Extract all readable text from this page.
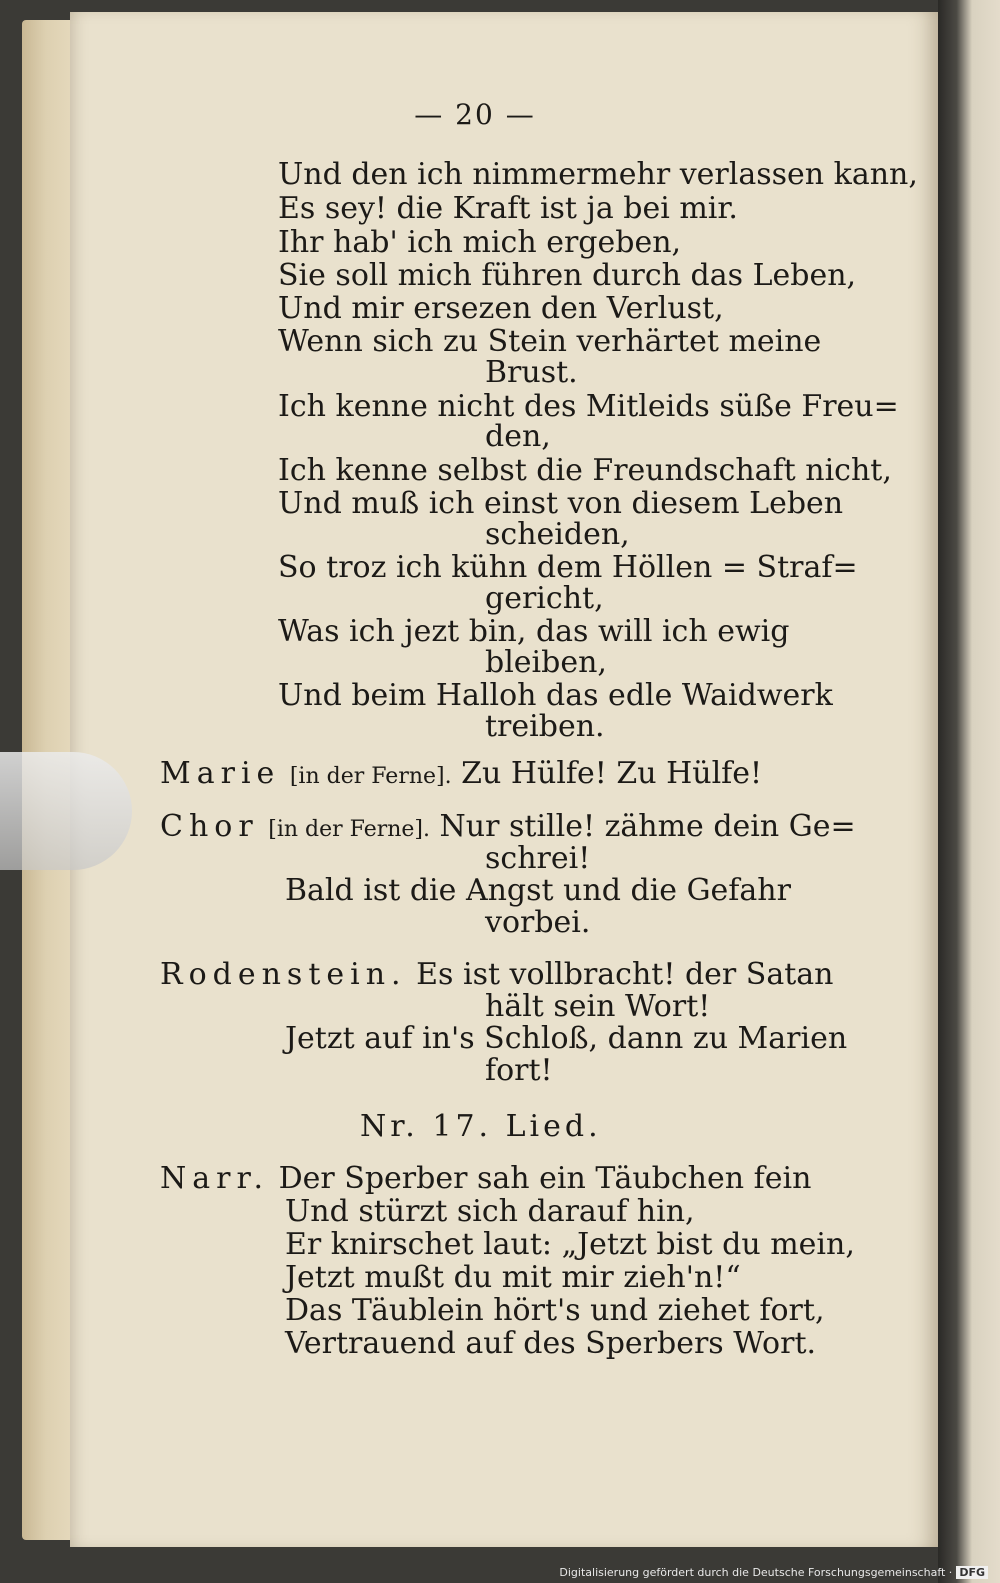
— 20 —
Und den ich nimmermehr verlassen kann,
Es sey! die Kraft ist ja bei mir.
Ihr hab' ich mich ergeben,
Sie soll mich führen durch das Leben,
Und mir ersezen den Verlust,
Wenn sich zu Stein verhärtet meine
Brust.
Ich kenne nicht des Mitleids süße Freu=
den,
Ich kenne selbst die Freundschaft nicht,
Und muß ich einst von diesem Leben
scheiden,
So troz ich kühn dem Höllen = Straf=
gericht,
Was ich jezt bin, das will ich ewig
bleiben,
Und beim Halloh das edle Waidwerk
treiben.
Marie [in der Ferne]. Zu Hülfe! Zu Hülfe!
Chor [in der Ferne]. Nur stille! zähme dein Ge=
schrei!
Bald ist die Angst und die Gefahr
vorbei.
Rodenstein. Es ist vollbracht! der Satan
hält sein Wort!
Jetzt auf in's Schloß, dann zu Marien
fort!
Nr. 17. Lied.
Narr. Der Sperber sah ein Täubchen fein
Und stürzt sich darauf hin,
Er knirschet laut: „Jetzt bist du mein,
Jetzt mußt du mit mir zieh'n!“
Das Täublein hört's und ziehet fort,
Vertrauend auf des Sperbers Wort.
Digitalisierung gefördert durch die Deutsche Forschungsgemeinschaft · DFG
